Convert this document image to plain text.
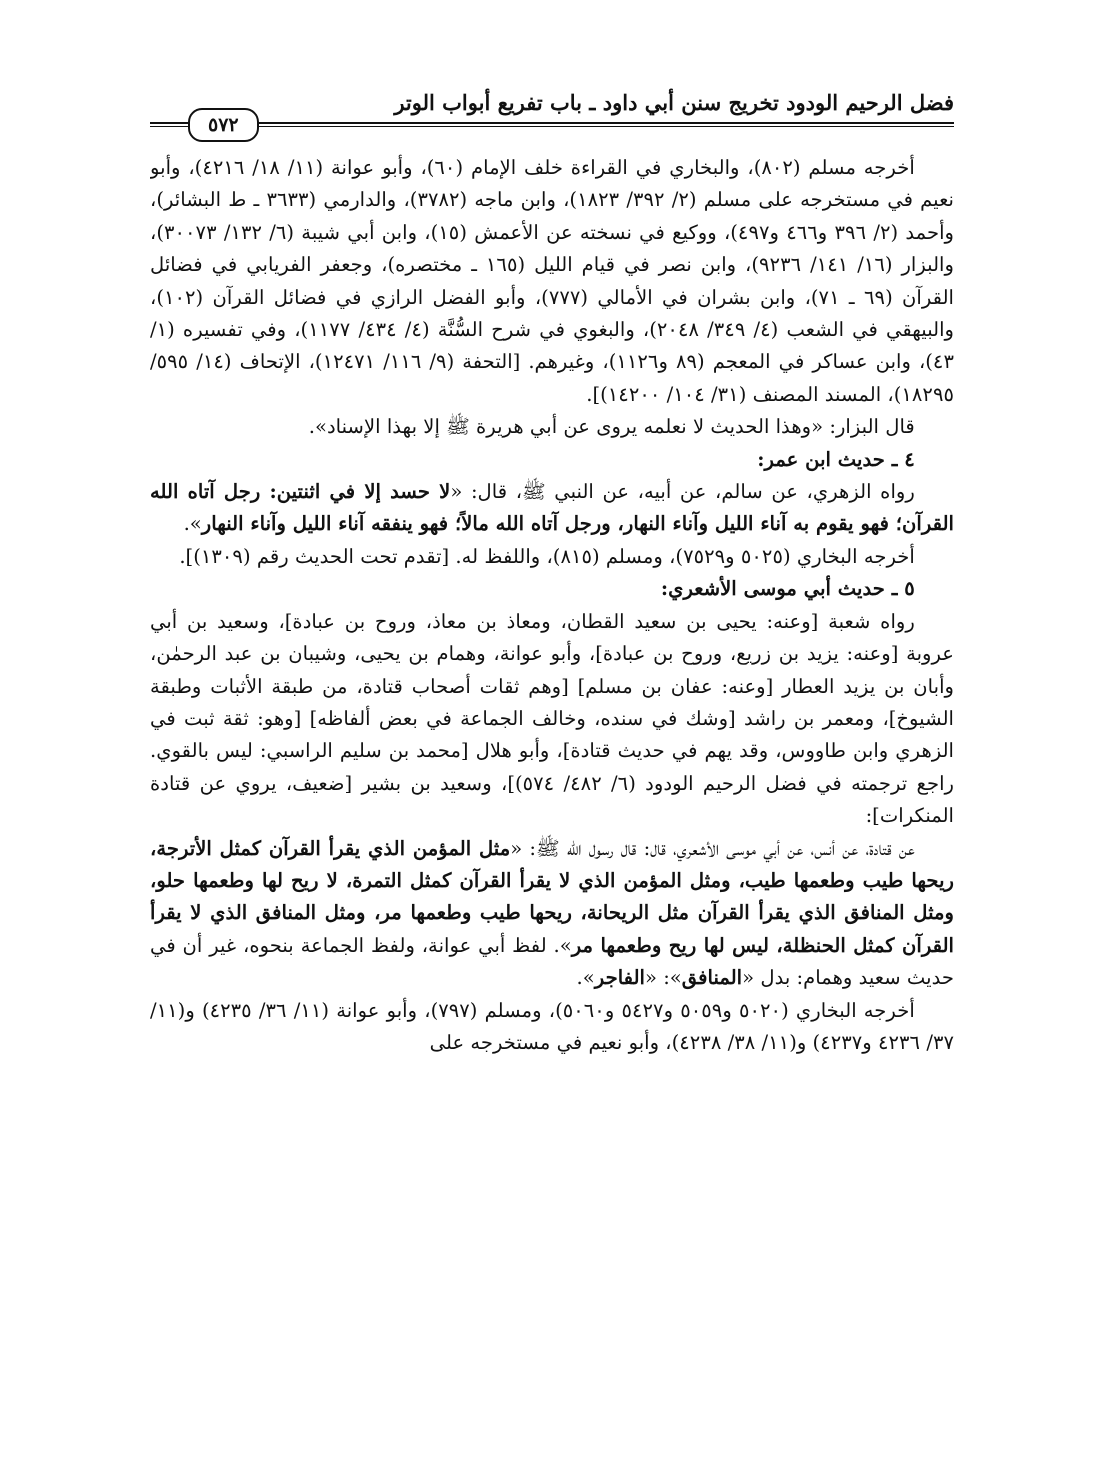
فضل الرحيم الودود تخريج سنن أبي داود ـ باب تفريع أبواب الوتر
٥٧٢

أخرجه مسلم (٨٠٢)، والبخاري في القراءة خلف الإمام (٦٠)، وأبو عوانة (١١/ ١٨/ ٤٢١٦)، وأبو نعيم في مستخرجه على مسلم (٢/ ٣٩٢/ ١٨٢٣)، وابن ماجه (٣٧٨٢)، والدارمي (٣٦٣٣ ـ ط البشائر)، وأحمد (٢/ ٣٩٦ و٤٦٦ و٤٩٧)، ووكيع في نسخته عن الأعمش (١٥)، وابن أبي شيبة (٦/ ١٣٢/ ٣٠٠٧٣)، والبزار (١٦/ ١٤١/ ٩٢٣٦)، وابن نصر في قيام الليل (١٦٥ ـ مختصره)، وجعفر الفريابي في فضائل القرآن (٦٩ ـ ٧١)، وابن بشران في الأمالي (٧٧٧)، وأبو الفضل الرازي في فضائل القرآن (١٠٢)، والبيهقي في الشعب (٤/ ٣٤٩/ ٢٠٤٨)، والبغوي في شرح السُّنَّة (٤/ ٤٣٤/ ١١٧٧)، وفي تفسيره (١/ ٤٣)، وابن عساكر في المعجم (٨٩ و١١٢٦)، وغيرهم. [التحفة (٩/ ١١٦/ ١٢٤٧١)، الإتحاف (١٤/ ٥٩٥/ ١٨٢٩٥)، المسند المصنف (٣١/ ١٠٤/ ١٤٢٠٠)].

قال البزار: «وهذا الحديث لا نعلمه يروى عن أبي هريرة ﷺ إلا بهذا الإسناد».

٤ ـ حديث ابن عمر:

رواه الزهري، عن سالم، عن أبيه، عن النبي ﷺ، قال: «لا حسد إلا في اثنتين: رجل آتاه الله القرآن؛ فهو يقوم به آناء الليل وآناء النهار، ورجل آتاه الله مالاً؛ فهو ينفقه آناء الليل وآناء النهار».

أخرجه البخاري (٥٠٢٥ و٧٥٢٩)، ومسلم (٨١٥)، واللفظ له. [تقدم تحت الحديث رقم (١٣٠٩)].

٥ ـ حديث أبي موسى الأشعري:

رواه شعبة [وعنه: يحيى بن سعيد القطان، ومعاذ بن معاذ، وروح بن عبادة]، وسعيد بن أبي عروبة [وعنه: يزيد بن زريع، وروح بن عبادة]، وأبو عوانة، وهمام بن يحيى، وشيبان بن عبد الرحمٰن، وأبان بن يزيد العطار [وعنه: عفان بن مسلم] [وهم ثقات أصحاب قتادة، من طبقة الأثبات وطبقة الشيوخ]، ومعمر بن راشد [وشك في سنده، وخالف الجماعة في بعض ألفاظه] [وهو: ثقة ثبت في الزهري وابن طاووس، وقد يهم في حديث قتادة]، وأبو هلال [محمد بن سليم الراسبي: ليس بالقوي. راجع ترجمته في فضل الرحيم الودود (٦/ ٤٨٢/ ٥٧٤)]، وسعيد بن بشير [ضعيف، يروي عن قتادة المنكرات]:

عن قتادة، عن أنس، عن أبي موسى الأشعري، قال: قال رسول الله ﷺ: «مثل المؤمن الذي يقرأ القرآن كمثل الأترجة، ريحها طيب وطعمها طيب، ومثل المؤمن الذي لا يقرأ القرآن كمثل التمرة، لا ريح لها وطعمها حلو، ومثل المنافق الذي يقرأ القرآن مثل الريحانة، ريحها طيب وطعمها مر، ومثل المنافق الذي لا يقرأ القرآن كمثل الحنظلة، ليس لها ريح وطعمها مر». لفظ أبي عوانة، ولفظ الجماعة بنحوه، غير أن في حديث سعيد وهمام: بدل «المنافق»: «الفاجر».

أخرجه البخاري (٥٠٢٠ و٥٠٥٩ و٥٤٢٧ و٥٠٦٠)، ومسلم (٧٩٧)، وأبو عوانة (١١/ ٣٦/ ٤٢٣٥) و(١١/ ٣٧/ ٤٢٣٦ و٤٢٣٧) و(١١/ ٣٨/ ٤٢٣٨)، وأبو نعيم في مستخرجه على
